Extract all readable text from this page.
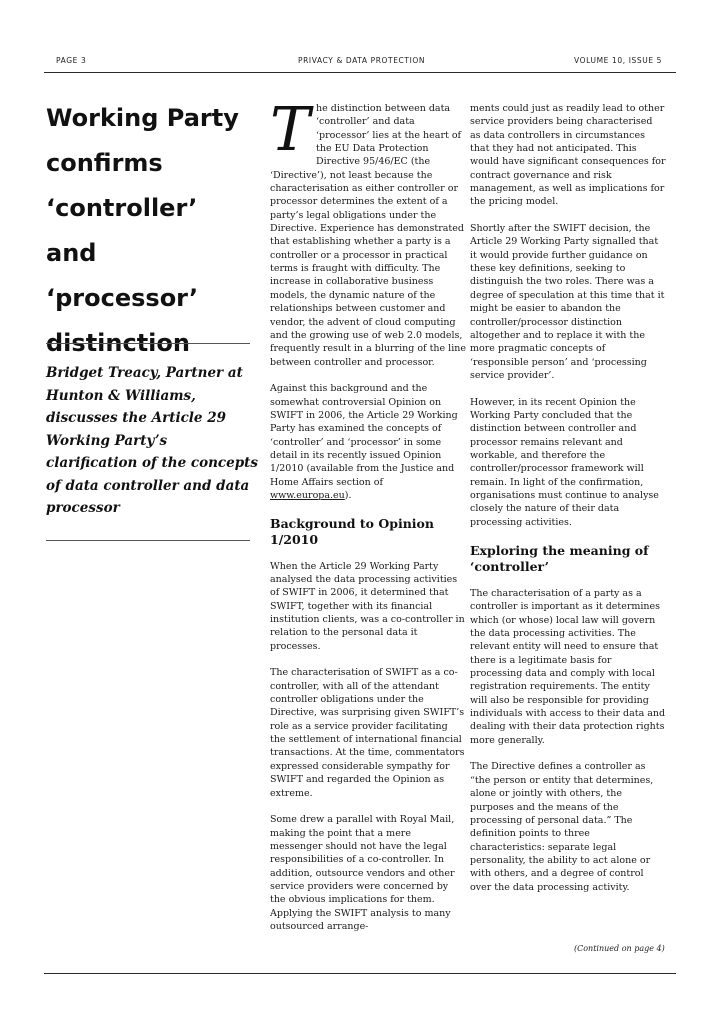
PAGE 3	PRIVACY & DATA PROTECTION	VOLUME 10, ISSUE 5
Working Party confirms ‘controller’ and ‘processor’ distinction

Bridget Treacy, Partner at Hunton & Williams, discusses the Article 29 Working Party’s clarification of the concepts of data controller and data processor

The distinction between data ‘controller’ and data ‘processor’ lies at the heart of the EU Data Protection Directive 95/46/EC (the ‘Directive’), not least because the characterisation as either controller or processor determines the extent of a party’s legal obligations under the Directive. Experience has demonstrated that establishing whether a party is a controller or a processor in practical terms is fraught with difficulty. The increase in collaborative business models, the dynamic nature of the relationships between customer and vendor, the advent of cloud computing and the growing use of web 2.0 models, frequently result in a blurring of the line between controller and processor.

Against this background and the somewhat controversial Opinion on SWIFT in 2006, the Article 29 Working Party has examined the concepts of ‘controller’ and ‘processor’ in some detail in its recently issued Opinion 1/2010 (available from the Justice and Home Affairs section of www.europa.eu).

Background to Opinion 1/2010

When the Article 29 Working Party analysed the data processing activities of SWIFT in 2006, it determined that SWIFT, together with its financial institution clients, was a co-controller in relation to the personal data it processes.

The characterisation of SWIFT as a co-controller, with all of the attendant controller obligations under the Directive, was surprising given SWIFT’s role as a service provider facilitating the settlement of international financial transactions. At the time, commentators expressed considerable sympathy for SWIFT and regarded the Opinion as extreme.

Some drew a parallel with Royal Mail, making the point that a mere messenger should not have the legal responsibilities of a co-controller. In addition, outsource vendors and other service providers were concerned by the obvious implications for them. Applying the SWIFT analysis to many outsourced arrange-

ments could just as readily lead to other service providers being characterised as data controllers in circumstances that they had not anticipated. This would have significant consequences for contract governance and risk management, as well as implications for the pricing model.

Shortly after the SWIFT decision, the Article 29 Working Party signalled that it would provide further guidance on these key definitions, seeking to distinguish the two roles. There was a degree of speculation at this time that it might be easier to abandon the controller/processor distinction altogether and to replace it with the more pragmatic concepts of ‘responsible person’ and ‘processing service provider’.

However, in its recent Opinion the Working Party concluded that the distinction between controller and processor remains relevant and workable, and therefore the controller/processor framework will remain. In light of the confirmation, organisations must continue to analyse closely the nature of their data processing activities.

Exploring the meaning of ‘controller’

The characterisation of a party as a controller is important as it determines which (or whose) local law will govern the data processing activities. The relevant entity will need to ensure that there is a legitimate basis for processing data and comply with local registration requirements. The entity will also be responsible for providing individuals with access to their data and dealing with their data protection rights more generally.

The Directive defines a controller as “the person or entity that determines, alone or jointly with others, the purposes and the means of the processing of personal data.” The definition points to three characteristics: separate legal personality, the ability to act alone or with others, and a degree of control over the data processing activity.

(Continued on page 4)
